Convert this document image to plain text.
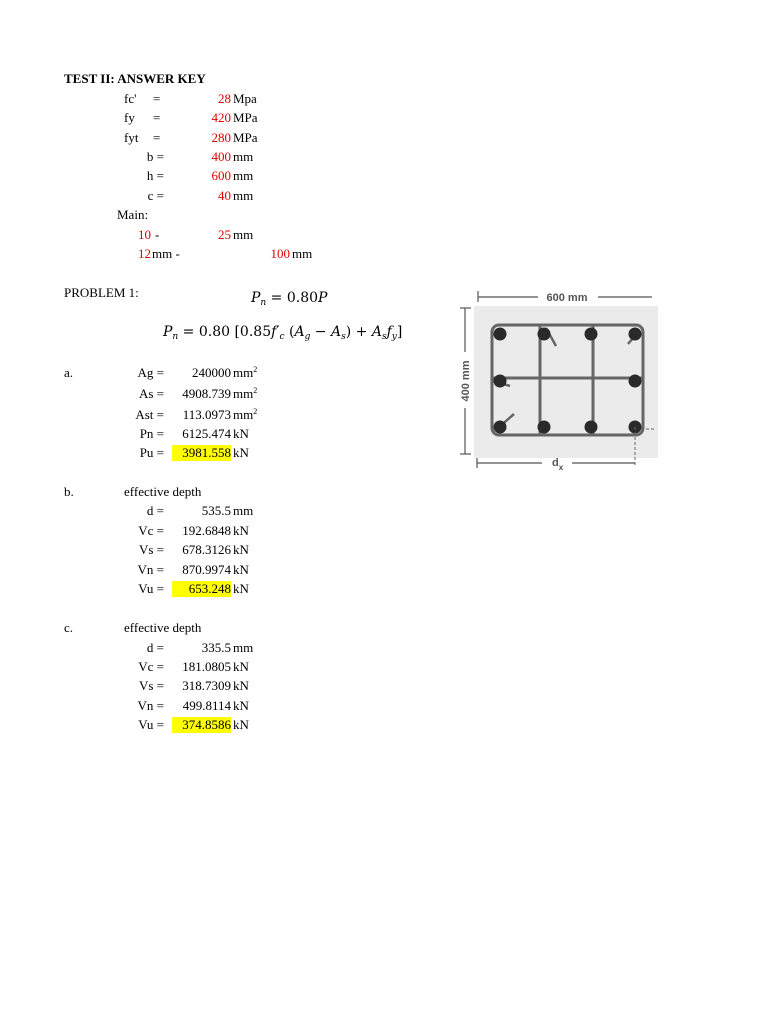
TEST II: ANSWER KEY
fc' =	28 Mpa
fy =	420 MPa
fyt =	280 MPa
b =	400 mm
h =	600 mm
c =	40 mm
Main:
10 -	25 mm
12 mm -	100 mm
PROBLEM 1:	$P_n = 0.80P$
$P_n = 0.80$ [$0.85f'_c$ $(A_g - A_s) + A_sf_y$]
a.	Ag =	240000 $mm^2$
As =	4908.739 $mm^2$
Ast =	113.0973 $mm^2$
Pn =	6125.474 kN
Pu =	3981.558 kN
b.	effective depth
d =	535.5 mm
Vc =	192.6848 kN
Vs =	678.3126 kN
Vn =	870.9974 kN
Vu =	653.248 kN
c.	effective depth
d =	335.5 mm
Vc =	181.0805 kN
Vs =	318.7309 kN
Vn =	499.8114 kN
Vu =	374.8586 kN
600 mm
400 mm
$d_x$
